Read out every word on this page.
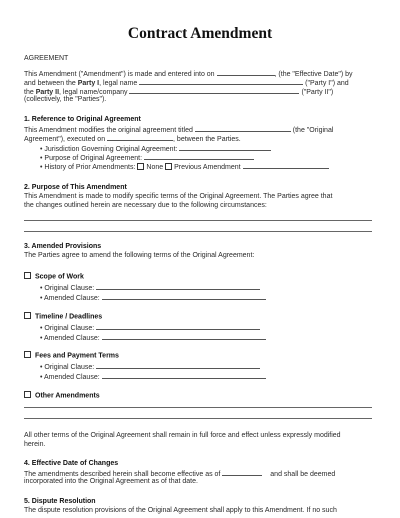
Contract Amendment
AGREEMENT
This Amendment ("Amendment") is made and entered into on	, (the "Effective Date") by
and between the Party I, legal name	("Party I") and
the Party II, legal name/company	("Party II")
(collectively, the "Parties").
1. Reference to Original Agreement
This Amendment modifies the original agreement titled	(the "Original
Agreement"), executed on	, between the Parties.
• Jurisdiction Governing Original Agreement:
• Purpose of Original Agreement:
• History of Prior Amendments: None Previous Amendment
2. Purpose of This Amendment
This Amendment is made to modify specific terms of the Original Agreement. The Parties agree that
the changes outlined herein are necessary due to the following circumstances:
3. Amended Provisions
The Parties agree to amend the following terms of the Original Agreement:
Scope of Work
• Original Clause:
• Amended Clause:
Timeline / Deadlines
• Original Clause:
• Amended Clause:
Fees and Payment Terms
• Original Clause:
• Amended Clause:
Other Amendments
All other terms of the Original Agreement shall remain in full force and effect unless expressly modified
herein.
4. Effective Date of Changes
The amendments described herein shall become effective as of	and shall be deemed
incorporated into the Original Agreement as of that date.
5. Dispute Resolution
The dispute resolution provisions of the Original Agreement shall apply to this Amendment. If no such
